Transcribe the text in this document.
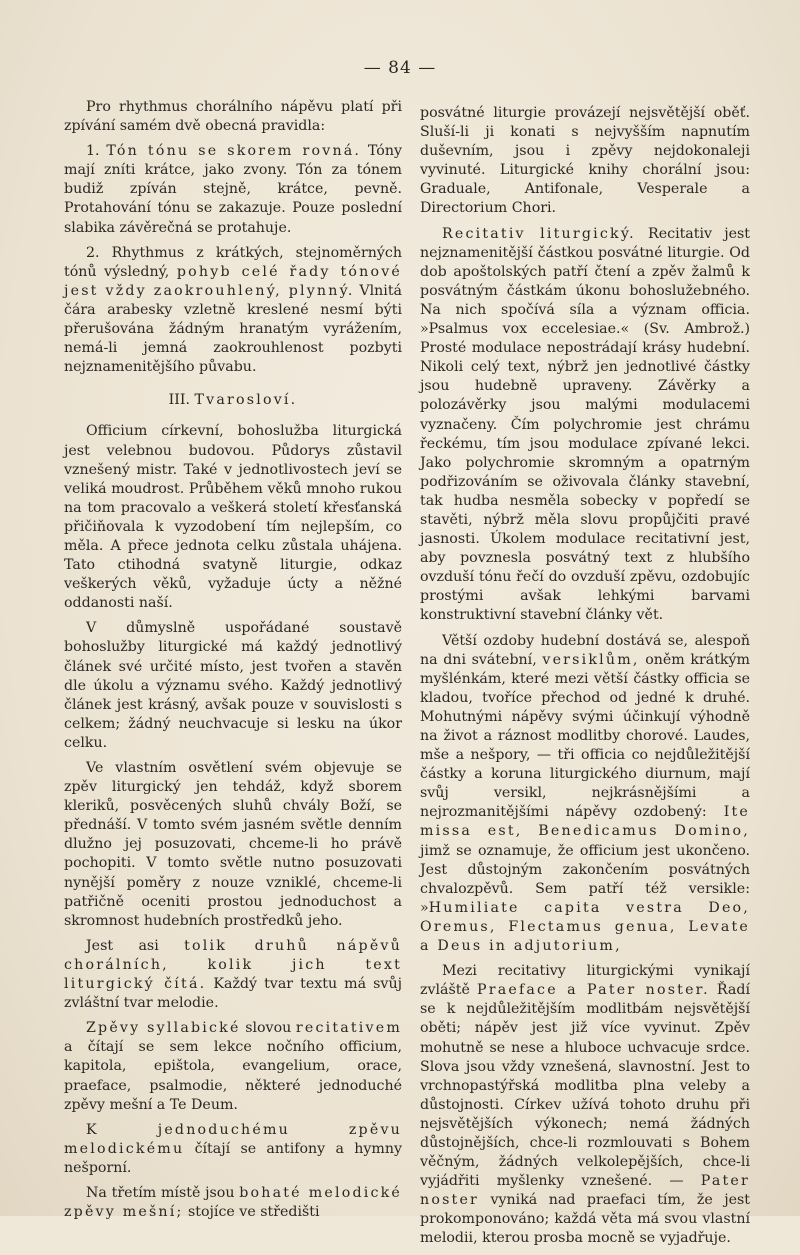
— 84 —

Pro rhythmus chorálního nápěvu platí při zpívání samém dvě obecná pravidla:

1. Tón tónu se skorem rovná. Tóny mají zníti krátce, jako zvony. Tón za tónem budiž zpíván stejně, krátce, pevně. Protahování tónu se zakazuje. Pouze poslední slabika závěrečná se protahuje.

2. Rhythmus z krátkých, stejnoměrných tónů výsledný, pohyb celé řady tónové jest vždy zaokrouhlený, plynný. Vlnitá čára arabesky vzletně kreslené nesmí býti přerušována žádným hranatým vyrážením, nemá-li jemná zaokrouhlenost pozbyti nejznamenitějšího půvabu.

III. Tvarosloví.

Officium církevní, bohoslužba liturgická jest velebnou budovou. Půdorys zůstavil vznešený mistr. Také v jednotlivostech jeví se veliká moudrost. Průběhem věků mnoho rukou na tom pracovalo a veškerá století křesťanská přičiňovala k vyzodobení tím nejlepším, co měla. A přece jednota celku zůstala uhájena. Tato ctihodná svatyně liturgie, odkaz veškerých věků, vyžaduje úcty a něžné oddanosti naší.

V důmyslně uspořádané soustavě bohoslužby liturgické má každý jednotlivý článek své určité místo, jest tvořen a stavěn dle úkolu a významu svého. Každý jednotlivý článek jest krásný, avšak pouze v souvislosti s celkem; žádný neuchvacuje si lesku na úkor celku.

Ve vlastním osvětlení svém objevuje se zpěv liturgický jen tehdáž, když sborem kleriků, posvěcených sluhů chvály Boží, se přednáší. V tomto svém jasném světle denním dlužno jej posuzovati, chceme-li ho právě pochopiti. V tomto světle nutno posuzovati nynější poměry z nouze vzniklé, chceme-li patřičně oceniti prostou jednoduchost a skromnost hudebních prostředků jeho.

Jest asi tolik druhů nápěvů chorálních, kolik jich text liturgický čítá. Každý tvar textu má svůj zvláštní tvar melodie.

Zpěvy syllabické slovou recitativem a čítají se sem lekce nočního officium, kapitola, epištola, evangelium, orace, praeface, psalmodie, některé jednoduché zpěvy mešní a Te Deum.

K jednoduchému zpěvu melodickému čítají se antifony a hymny nešporní.

Na třetím místě jsou bohaté melodické zpěvy mešní; stojíce ve středišti

posvátné liturgie provázejí nejsvětější oběť. Sluší-li ji konati s nejvyšším napnutím duševním, jsou i zpěvy nejdokonaleji vyvinuté. Liturgické knihy chorální jsou: Graduale, Antifonale, Vesperale a Directorium Chori.

Recitativ liturgický. Recitativ jest nejznamenitější částkou posvátné liturgie. Od dob apoštolských patří čtení a zpěv žalmů k posvátným částkám úkonu bohoslužebného. Na nich spočívá síla a význam officia. »Psalmus vox eccelesiae.« (Sv. Ambrož.) Prosté modulace nepostrádají krásy hudební. Nikoli celý text, nýbrž jen jednotlivé částky jsou hudebně upraveny. Závěrky a polozávěrky jsou malými modulacemi vyznačeny. Čím polychromie jest chrámu řeckému, tím jsou modulace zpívané lekci. Jako polychromie skromným a opatrným podřizováním se oživovala články stavební, tak hudba nesměla sobecky v popředí se stavěti, nýbrž měla slovu propůjčiti pravé jasnosti. Úkolem modulace recitativní jest, aby povznesla posvátný text z hlubšího ovzduší tónu řečí do ovzduší zpěvu, ozdobujíc prostými avšak lehkými barvami konstruktivní stavební články vět.

Větší ozdoby hudební dostává se, alespoň na dni svátební, versiklům, oněm krátkým myšlénkám, které mezi větší částky officia se kladou, tvoříce přechod od jedné k druhé. Mohutnými nápěvy svými účinkují výhodně na život a ráznost modlitby chorové. Laudes, mše a nešpory, — tři officia co nejdůležitější částky a koruna liturgického diurnum, mají svůj versikl, nejkrásnějšími a nejrozmanitějšími nápěvy ozdobený: Ite missa est, Benedicamus Domino, jimž se oznamuje, že officium jest ukončeno. Jest důstojným zakončením posvátných chvalozpěvů. Sem patří též versikle: »Humiliate capita vestra Deo, Oremus, Flectamus genua, Levate a Deus in adjutorium,

Mezi recitativy liturgickými vynikají zvláště Praeface a Pater noster. Řadí se k nejdůležitějším modlitbám nejsvětější oběti; nápěv jest již více vyvinut. Zpěv mohutně se nese a hluboce uchvacuje srdce. Slova jsou vždy vznešená, slavnostní. Jest to vrchnopastýřská modlitba plna veleby a důstojnosti. Církev užívá tohoto druhu při nejsvětějších výkonech; nemá žádných důstojnějších, chce-li rozmlouvati s Bohem věčným, žádných velkolepějších, chce-li vyjádřiti myšlenky vznešené. — Pater noster vyniká nad praefaci tím, že jest prokomponováno; každá věta má svou vlastní melodii, kterou prosba mocně se vyjadřuje.
